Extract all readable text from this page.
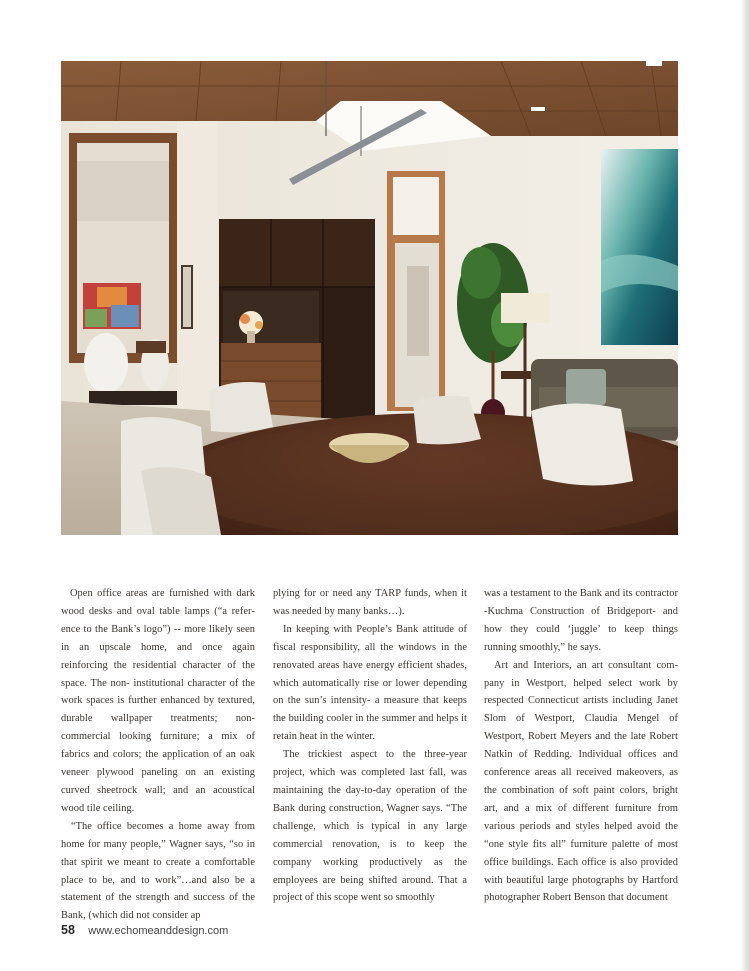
Open office areas are furnished with dark wood desks and oval table lamps (“a reference to the Bank’s logo”) -- more likely seen in an upscale home, and once again reinforcing the residential character of the space. The non- institutional character of the work spaces is further enhanced by textured, durable wallpaper treatments; non-commercial looking furniture; a mix of fabrics and colors; the application of an oak veneer plywood paneling on an existing curved sheetrock wall; and an acoustical wood tile ceiling.

“The office becomes a home away from home for many people,” Wagner says, “so in that spirit we meant to create a comfortable place to be, and to work”…and also be a statement of the strength and success of the Bank, (which did not consider ap

plying for or need any TARP funds, when it was needed by many banks…).

In keeping with People’s Bank attitude of fiscal responsibility, all the windows in the renovated areas have energy efficient shades, which automatically rise or lower depending on the sun’s intensity- a measure that keeps the building cooler in the summer and helps it retain heat in the winter.

The trickiest aspect to the three-year project, which was completed last fall, was maintaining the day-to-day operation of the Bank during construction, Wagner says. “The challenge, which is typical in any large commercial renovation, is to keep the company working productively as the employees are being shifted around. That a project of this scope went so smoothly

was a testament to the Bank and its contractor -Kuchma Construction of Bridgeport- and how they could ‘juggle’ to keep things running smoothly,” he says.

Art and Interiors, an art consultant company in Westport, helped select work by respected Connecticut artists including Janet Slom of Westport, Claudia Mengel of Westport, Robert Meyers and the late Robert Natkin of Redding. Individual offices and conference areas all received makeovers, as the combination of soft paint colors, bright art, and a mix of different furniture from various periods and styles helped avoid the “one style fits all” furniture palette of most office buildings. Each office is also provided with beautiful large photographs by Hartford photographer Robert Benson that document

58 www.echomeanddesign.com
